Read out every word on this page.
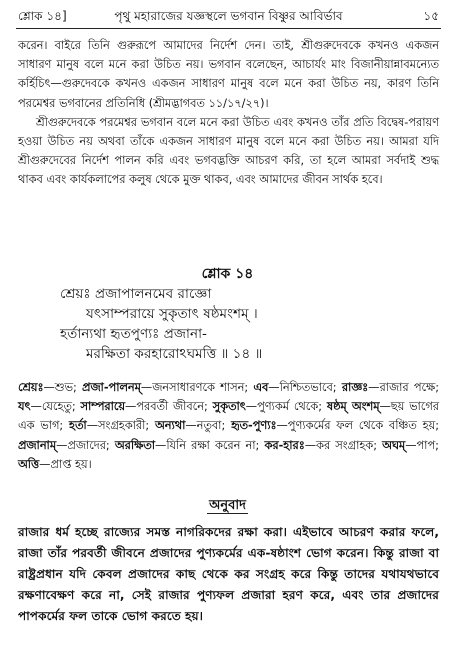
শ্লোক ১৪]	পৃথু মহারাজের যজ্ঞস্থলে ভগবান বিষ্ণুর আবির্ভাব	১৫

করেন। বাইরে তিনি গুরুরূপে আমাদের নির্দেশ দেন। তাই, শ্রীগুরুদেবকে কখনও একজন সাধারণ মানুষ বলে মনে করা উচিত নয়। ভগবান বলেছেন, আচার্যং মাং বিজানীয়ান্নাবমন্যেত কর্হিচিৎ—গুরুদেবকে কখনও একজন সাধারণ মানুষ বলে মনে করা উচিত নয়, কারণ তিনি পরমেশ্বর ভগবানের প্রতিনিধি (শ্রীমদ্ভাগবত ১১/১৭/২৭)।

শ্রীগুরুদেবকে পরমেশ্বর ভগবান বলে মনে করা উচিত এবং কখনও তাঁর প্রতি বিদ্বেষ-পরায়ণ হওয়া উচিত নয় অথবা তাঁকে একজন সাধারণ মানুষ বলে মনে করা উচিত নয়। আমরা যদি শ্রীগুরুদেবের নির্দেশ পালন করি এবং ভগবদ্ভক্তি আচরণ করি, তা হলে আমরা সর্বদাই শুদ্ধ থাকব এবং কার্যকলাপের কলুষ থেকে মুক্ত থাকব, এবং আমাদের জীবন সার্থক হবে।

শ্লোক ১৪
শ্রেয়ঃ প্রজাপালনমেব রাজ্ঞো
যৎসাম্পরায়ে সুকৃতাৎ ষষ্ঠমংশম্ ।
হর্তান্যথা হৃতপুণ্যঃ প্রজানা-
মরক্ষিতা করহারোঽঘমত্তি ॥ ১৪ ॥
শ্রেয়ঃ—শুভ; প্রজা-পালনম্—জনসাধারণকে শাসন; এব—নিশ্চিতভাবে; রাজ্ঞঃ—রাজার পক্ষে; যৎ—যেহেতু; সাম্পরায়ে—পরবর্তী জীবনে; সুকৃতাৎ—পুণ্যকর্ম থেকে; ষষ্ঠম্ অংশম্—ছয় ভাগের এক ভাগ; হর্তা—সংগ্রহকারী; অন্যথা—নতুবা; হৃত-পুণ্যঃ—পুণ্যকর্মের ফল থেকে বঞ্চিত হয়; প্রজানাম্—প্রজাদের; অরক্ষিতা—যিনি রক্ষা করেন না; কর-হারঃ—কর সংগ্রাহক; অঘম্—পাপ; অত্তি—প্রাপ্ত হয়।
অনুবাদ
রাজার ধর্ম হচ্ছে রাজ্যের সমস্ত নাগরিকদের রক্ষা করা। এইভাবে আচরণ করার ফলে, রাজা তাঁর পরবর্তী জীবনে প্রজাদের পুণ্যকর্মের এক-ষষ্ঠাংশ ভোগ করেন। কিন্তু রাজা বা রাষ্ট্রপ্রধান যদি কেবল প্রজাদের কাছ থেকে কর সংগ্রহ করে কিন্তু তাদের যথাযথভাবে রক্ষণাবেক্ষণ করে না, সেই রাজার পুণ্যফল প্রজারা হরণ করে, এবং তার প্রজাদের পাপকর্মের ফল তাকে ভোগ করতে হয়।
